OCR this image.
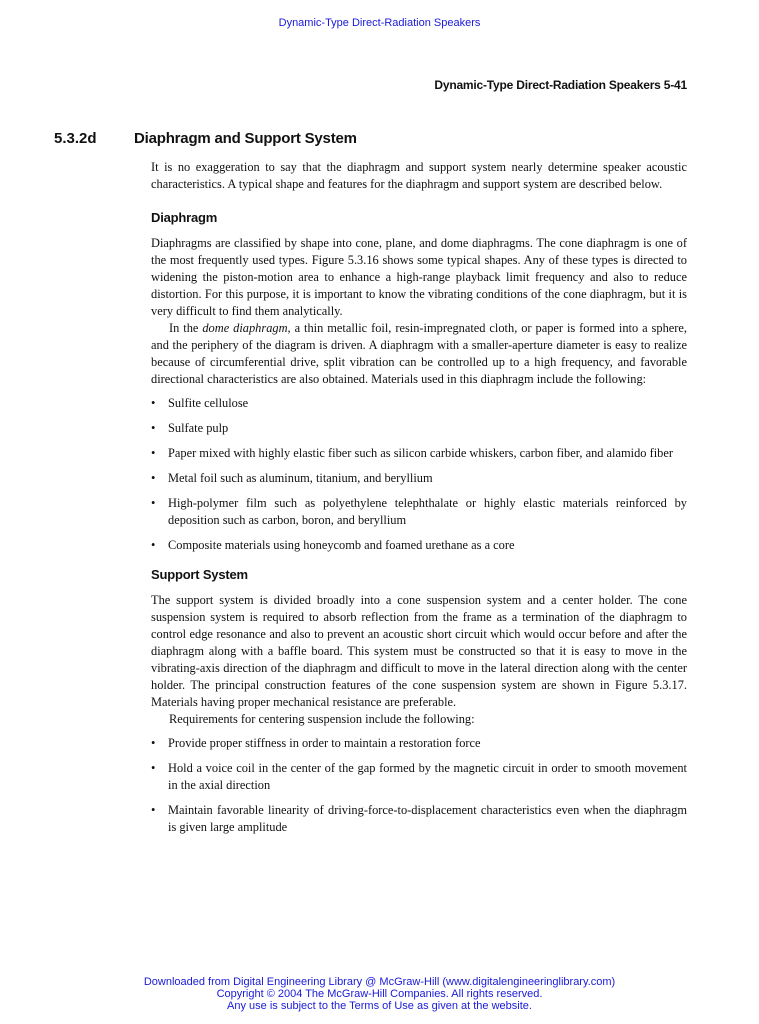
Dynamic-Type Direct-Radiation Speakers
Dynamic-Type Direct-Radiation Speakers 5-41
5.3.2d Diaphragm and Support System

It is no exaggeration to say that the diaphragm and support system nearly determine speaker acoustic characteristics. A typical shape and features for the diaphragm and support system are described below.

Diaphragm

Diaphragms are classified by shape into cone, plane, and dome diaphragms. The cone diaphragm is one of the most frequently used types. Figure 5.3.16 shows some typical shapes. Any of these types is directed to widening the piston-motion area to enhance a high-range playback limit frequency and also to reduce distortion. For this purpose, it is important to know the vibrating conditions of the cone diaphragm, but it is very difficult to find them analytically.

In the dome diaphragm, a thin metallic foil, resin-impregnated cloth, or paper is formed into a sphere, and the periphery of the diagram is driven. A diaphragm with a smaller-aperture diameter is easy to realize because of circumferential drive, split vibration can be controlled up to a high frequency, and favorable directional characteristics are also obtained. Materials used in this diaphragm include the following:

• Sulfite cellulose
• Sulfate pulp
• Paper mixed with highly elastic fiber such as silicon carbide whiskers, carbon fiber, and alamido fiber
• Metal foil such as aluminum, titanium, and beryllium
• High-polymer film such as polyethylene telephthalate or highly elastic materials reinforced by deposition such as carbon, boron, and beryllium
• Composite materials using honeycomb and foamed urethane as a core
Support System

The support system is divided broadly into a cone suspension system and a center holder. The cone suspension system is required to absorb reflection from the frame as a termination of the diaphragm to control edge resonance and also to prevent an acoustic short circuit which would occur before and after the diaphragm along with a baffle board. This system must be constructed so that it is easy to move in the vibrating-axis direction of the diaphragm and difficult to move in the lateral direction along with the center holder. The principal construction features of the cone suspension system are shown in Figure 5.3.17. Materials having proper mechanical resistance are preferable.

Requirements for centering suspension include the following:

• Provide proper stiffness in order to maintain a restoration force
• Hold a voice coil in the center of the gap formed by the magnetic circuit in order to smooth movement in the axial direction
• Maintain favorable linearity of driving-force-to-displacement characteristics even when the diaphragm is given large amplitude
Downloaded from Digital Engineering Library @ McGraw-Hill (www.digitalengineeringlibrary.com)
Copyright © 2004 The McGraw-Hill Companies. All rights reserved.
Any use is subject to the Terms of Use as given at the website.
